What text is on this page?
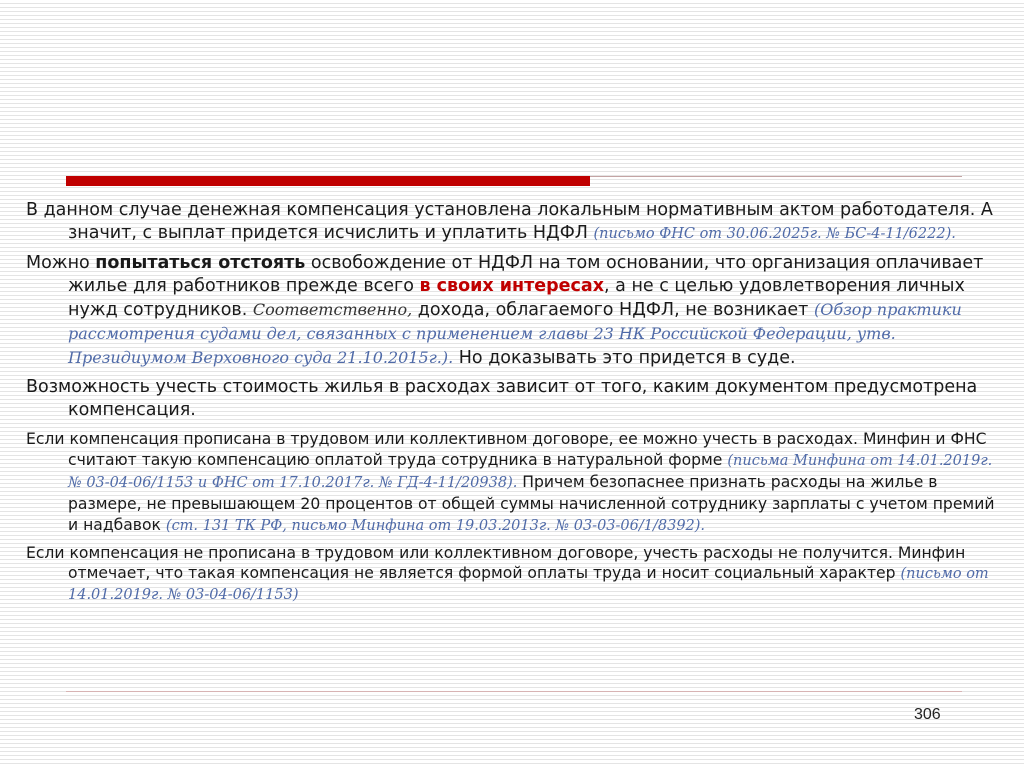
В данном случае денежная компенсация установлена локальным нормативным актом работодателя. А значит, с выплат придется исчислить и уплатить НДФЛ (письмо ФНС от 30.06.2025г. № БС-4-11/6222).

Можно попытаться отстоять освобождение от НДФЛ на том основании, что организация оплачивает жилье для работников прежде всего в своих интересах, а не с целью удовлетворения личных нужд сотрудников. Соответственно, дохода, облагаемого НДФЛ, не возникает (Обзор практики рассмотрения судами дел, связанных с применением главы 23 НК Российской Федерации, утв. Президиумом Верховного суда 21.10.2015г.). Но доказывать это придется в суде.

Возможность учесть стоимость жилья в расходах зависит от того, каким документом предусмотрена компенсация.

Если компенсация прописана в трудовом или коллективном договоре, ее можно учесть в расходах. Минфин и ФНС считают такую компенсацию оплатой труда сотрудника в натуральной форме (письма Минфина от 14.01.2019г. № 03-04-06/1153 и ФНС от 17.10.2017г. № ГД-4-11/20938). Причем безопаснее признать расходы на жилье в размере, не превышающем 20 процентов от общей суммы начисленной сотруднику зарплаты с учетом премий и надбавок (ст. 131 ТК РФ, письмо Минфина от 19.03.2013г. № 03-03-06/1/8392).

Если компенсация не прописана в трудовом или коллективном договоре, учесть расходы не получится. Минфин отмечает, что такая компенсация не является формой оплаты труда и носит социальный характер (письмо от 14.01.2019г. № 03-04-06/1153)

306
